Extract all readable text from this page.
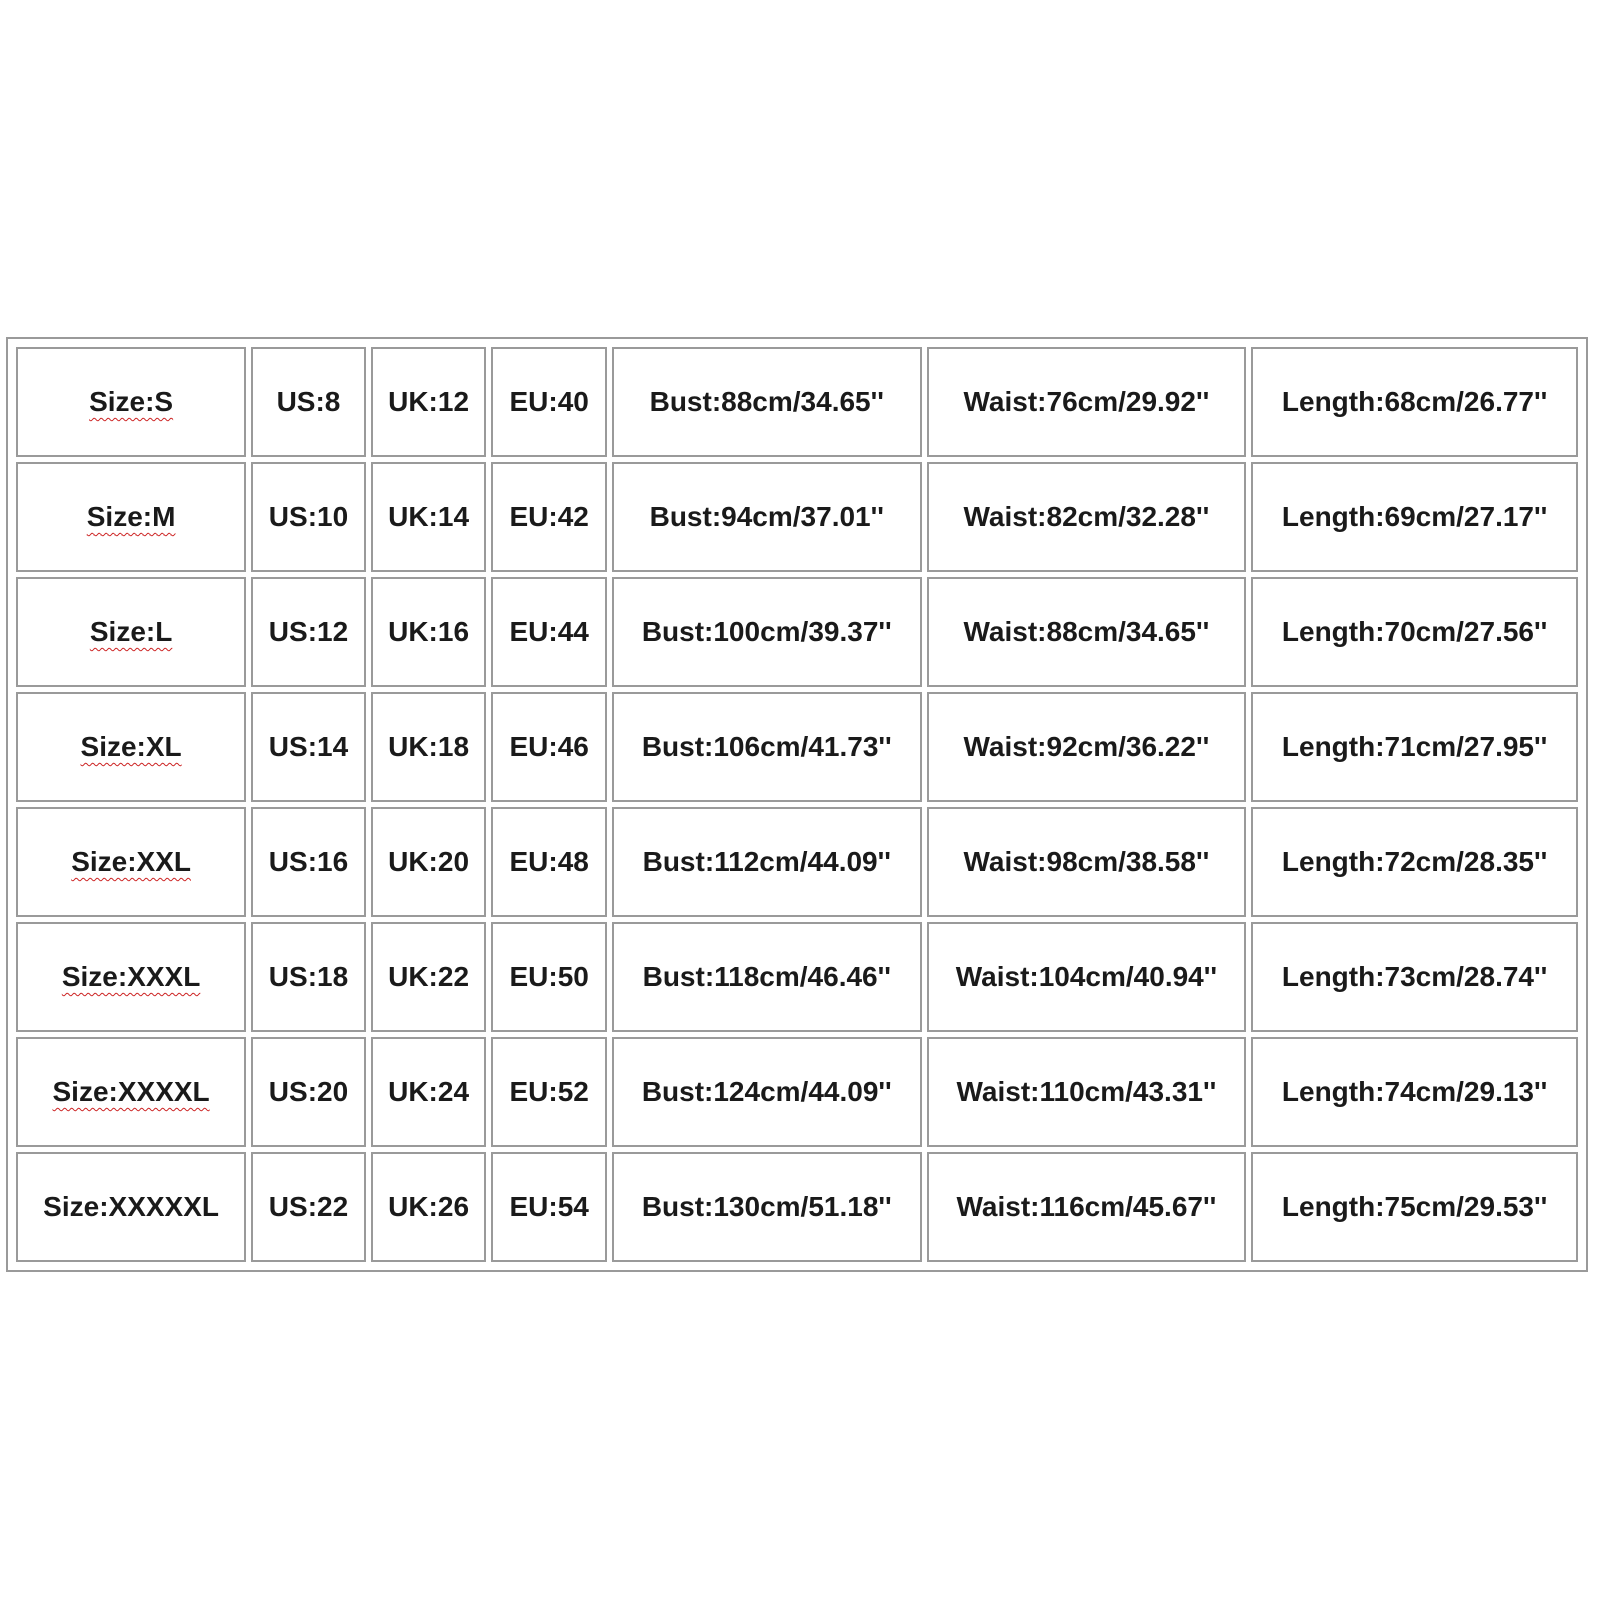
Size:S	US:8	UK:12	EU:40	Bust:88cm/34.65''	Waist:76cm/29.92''	Length:68cm/26.77''
Size:M	US:10	UK:14	EU:42	Bust:94cm/37.01''	Waist:82cm/32.28''	Length:69cm/27.17''
Size:L	US:12	UK:16	EU:44	Bust:100cm/39.37''	Waist:88cm/34.65''	Length:70cm/27.56''
Size:XL	US:14	UK:18	EU:46	Bust:106cm/41.73''	Waist:92cm/36.22''	Length:71cm/27.95''
Size:XXL	US:16	UK:20	EU:48	Bust:112cm/44.09''	Waist:98cm/38.58''	Length:72cm/28.35''
Size:XXXL	US:18	UK:22	EU:50	Bust:118cm/46.46''	Waist:104cm/40.94''	Length:73cm/28.74''
Size:XXXXL	US:20	UK:24	EU:52	Bust:124cm/44.09''	Waist:110cm/43.31''	Length:74cm/29.13''
Size:XXXXXL	US:22	UK:26	EU:54	Bust:130cm/51.18''	Waist:116cm/45.67''	Length:75cm/29.53''
